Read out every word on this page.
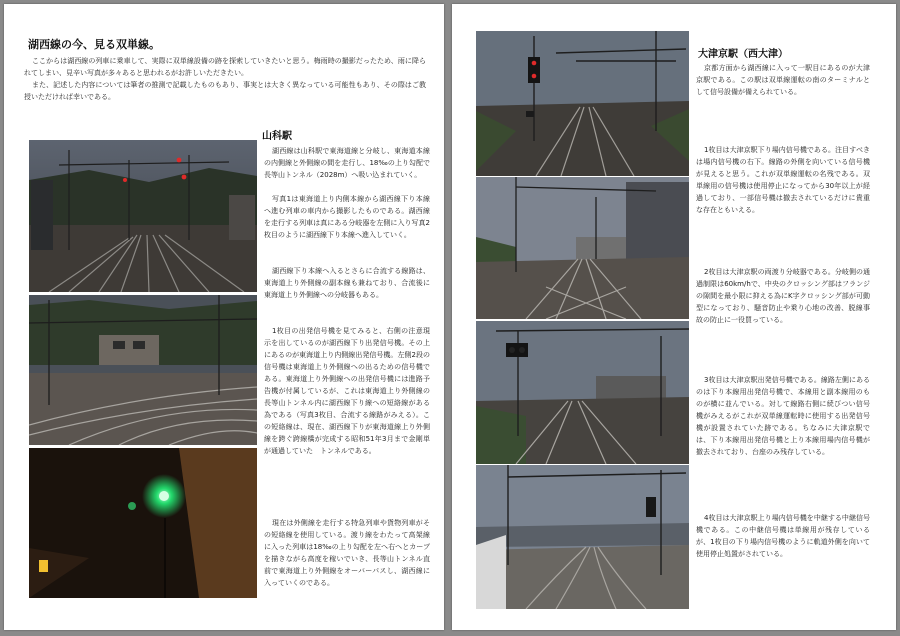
湖西線の今、見る双単線。
ここからは湖西線の列車に乗車して、実際に双単線設備の跡を探索していきたいと思う。梅雨時の撮影だったため、雨に降られてしまい、見辛い写真が多々あると思われるがお許しいただきたい。
また、記述した内容については筆者の推測で記載したものもあり、事実とは大きく異なっている可能性もあり、その際はご教授いただければ幸いである。
山科駅
湖西線は山科駅で東海道線と分岐し、東海道本線の内側線と外側線の間を走行し、18‰の上り勾配で長等山トンネル（2028m）へ吸い込まれていく。
写真1は東海道上り内側本線から湖西線下り本線へ進む列車の車内から撮影したものである。湖西線を走行する列車は真にある分岐器を左側に入り写真2枚目のように湖西線下り本線へ進入していく。
湖西線下り本線へ入るとさらに合流する線路は、東海道上り外側線の副本線も兼ねており、合流後に東海道上り外側線への分岐器もある。
1枚目の出発信号機を見てみると、右側の注意現示を出しているのが湖西線下り出発信号機。その上にあるのが東海道上り内側線出発信号機。左側2段の信号機は東海道上り外側線への出るための信号機である。東海道上り外側線への出発信号機には進路予告機が付属しているが、これは東海道上り外側線の長等山トンネル内に湖西線下り線への短絡線がある為である（写真3枚目、合流する線路がみえる）。この短絡線は、現在、湖西線下りが東海道線上り外側線を跨ぐ跨線橋が完成する昭和51年3月まで金剛単が通過していた　トンネルである。
現在は外側線を走行する特急列車や貨物列車がその短絡線を使用している。渡り線をわたって高架線に入った列車は18‰の上り勾配を左へ右へとカーブを描きながら高度を稼いでいき、長等山トンネル直前で東海道上り外側線をオーバーパスし、湖西線に入っていくのである。
大津京駅（西大津）
京都方面から湖西線に入って一駅目にあるのが大津京駅である。この駅は双単線運転の南のターミナルとして信号設備が備えられている。
1枚目は大津京駅下り場内信号機である。注目すべきは場内信号機の右下。線路の外側を向いている信号機が見えると思う。これが双単線運転の名残である。双単線用の信号機は使用停止になってから30年以上が経過しており、一部信号機は撤去されているだけに貴重な存在ともいえる。
2枚目は大津京駅の両渡り分岐器である。分岐側の通過制限は60km/hで、中央のクロッシング部はフランジの隙間を最小限に抑える為にK字クロッシング部が可動型になっており、騒音防止や乗り心地の改善、脱線事故の防止に一役買っている。
3枚目は大津京駅出発信号機である。線路左側にあるのは下り本線用出発信号機で、本線用と副本線用のものが横に並んでいる。対して線路右側に続びつい信号機がみえるがこれが双単線運転時に使用する出発信号機が設置されていた跡である。ちなみに大津京駅では、下り本線用出発信号機と上り本線用場内信号機が撤去されており、台座のみ残存している。
4枚目は大津京駅上り場内信号機を中継する中継信号機である。この中継信号機は単線用が残存しているが、1枚目の下り場内信号機のように軌道外側を向いて使用停止処置がされている。
